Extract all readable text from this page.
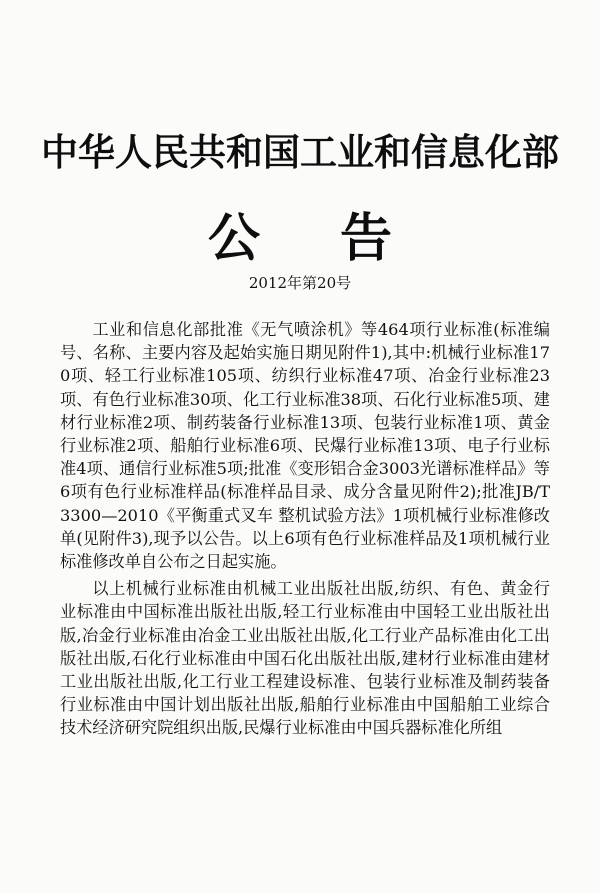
中华人民共和国工业和信息化部
公告

2012年第20号

工业和信息化部批准《无气喷涂机》等464项行业标准(标准编号、名称、主要内容及起始实施日期见附件1),其中:机械行业标准170项、轻工行业标准105项、纺织行业标准47项、冶金行业标准23项、有色行业标准30项、化工行业标准38项、石化行业标准5项、建材行业标准2项、制药装备行业标准13项、包装行业标准1项、黄金行业标准2项、船舶行业标准6项、民爆行业标准13项、电子行业标准4项、通信行业标准5项;批准《变形铝合金3003光谱标准样品》等6项有色行业标准样品(标准样品目录、成分含量见附件2);批准JB/T 3300—2010《平衡重式叉车 整机试验方法》1项机械行业标准修改单(见附件3),现予以公告。以上6项有色行业标准样品及1项机械行业标准修改单自公布之日起实施。

以上机械行业标准由机械工业出版社出版,纺织、有色、黄金行业标准由中国标准出版社出版,轻工行业标准由中国轻工业出版社出版,冶金行业标准由冶金工业出版社出版,化工行业产品标准由化工出版社出版,石化行业标准由中国石化出版社出版,建材行业标准由建材工业出版社出版,化工行业工程建设标准、包装行业标准及制药装备行业标准由中国计划出版社出版,船舶行业标准由中国船舶工业综合技术经济研究院组织出版,民爆行业标准由中国兵器标准化所组
